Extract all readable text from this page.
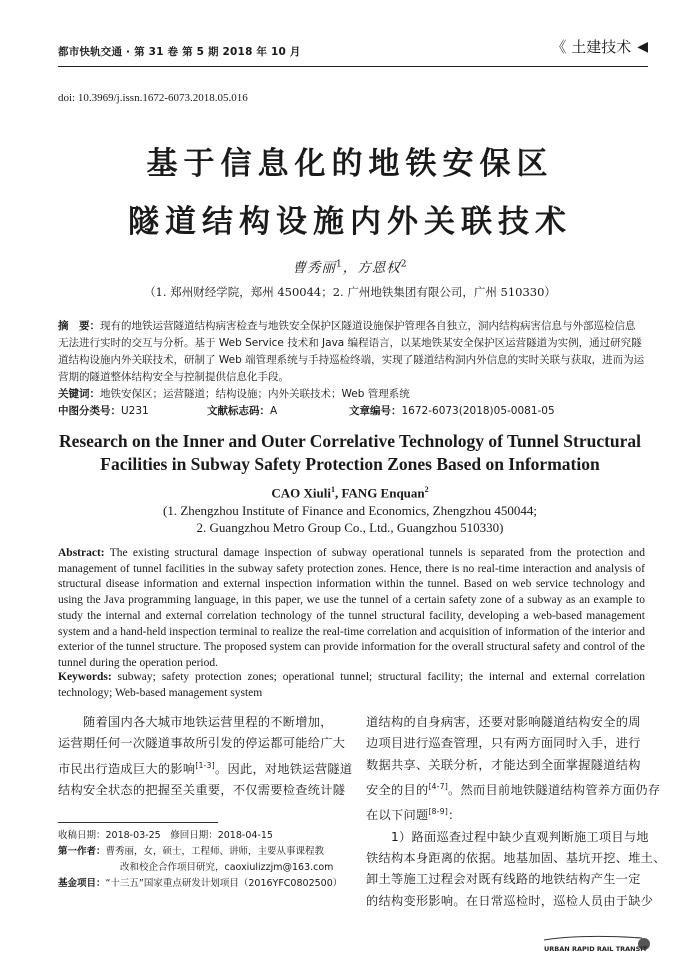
都市快轨交通 · 第 31 卷 第 5 期 2018 年 10 月	《 土建技术 ◀
doi: 10.3969/j.issn.1672-6073.2018.05.016
基于信息化的地铁安保区
隧道结构设施内外关联技术
曹秀丽$^1$，方恩权$^2$
（1. 郑州财经学院，郑州 450044；2. 广州地铁集团有限公司，广州 510330）
摘　要：现有的地铁运营隧道结构病害检查与地铁安全保护区隧道设施保护管理各自独立，洞内结构病害信息与外部巡检信息无法进行实时的交互与分析。基于 Web Service 技术和 Java 编程语言，以某地铁某安全保护区运营隧道为实例，通过研究隧道结构设施内外关联技术，研制了 Web 端管理系统与手持巡检终端，实现了隧道结构洞内外信息的实时关联与获取，进而为运营期的隧道整体结构安全与控制提供信息化手段。
关键词：地铁安保区；运营隧道；结构设施；内外关联技术；Web 管理系统
中图分类号：U231	文献标志码：A	文章编号：1672-6073(2018)05-0081-05
Research on the Inner and Outer Correlative Technology of Tunnel Structural
Facilities in Subway Safety Protection Zones Based on Information
CAO Xiuli$^1$, FANG Enquan$^2$
(1. Zhengzhou Institute of Finance and Economics, Zhengzhou 450044;
2. Guangzhou Metro Group Co., Ltd., Guangzhou 510330)
Abstract: The existing structural damage inspection of subway operational tunnels is separated from the protection and management of tunnel facilities in the subway safety protection zones. Hence, there is no real-time interaction and analysis of structural disease information and external inspection information within the tunnel. Based on web service technology and using the Java programming language, in this paper, we use the tunnel of a certain safety zone of a subway as an example to study the internal and external correlation technology of the tunnel structural facility, developing a web-based management system and a hand-held inspection terminal to realize the real-time correlation and acquisition of information of the interior and exterior of the tunnel structure. The proposed system can provide information for the overall structural safety and control of the tunnel during the operation period.
Keywords: subway; safety protection zones; operational tunnel; structural facility; the internal and external correlation technology; Web-based management system
随着国内各大城市地铁运营里程的不断增加，
运营期任何一次隧道事故所引发的停运都可能给广大
市民出行造成巨大的影响[1-3]。因此，对地铁运营隧道
结构安全状态的把握至关重要，不仅需要检查统计隧
道结构的自身病害，还要对影响隧道结构安全的周
边项目进行巡查管理，只有两方面同时入手，进行
数据共享、关联分析，才能达到全面掌握隧道结构
安全的目的[4-7]。然而目前地铁隧道结构管养方面仍存
在以下问题[8-9]：
1）路面巡查过程中缺少直观判断施工项目与地
铁结构本身距离的依据。地基加固、基坑开挖、堆土、
卸土等施工过程会对既有线路的地铁结构产生一定
的结构变形影响。在日常巡检时，巡检人员由于缺少
收稿日期：2018-03-25　修回日期：2018-04-15
第一作者：曹秀丽，女，硕士，工程师、讲师，主要从事课程教
改和校企合作项目研究，caoxiulizzjm@163.com
基金项目：“十三五”国家重点研发计划项目（2016YFC0802500）
URBAN RAPID RAIL TRANSIT
